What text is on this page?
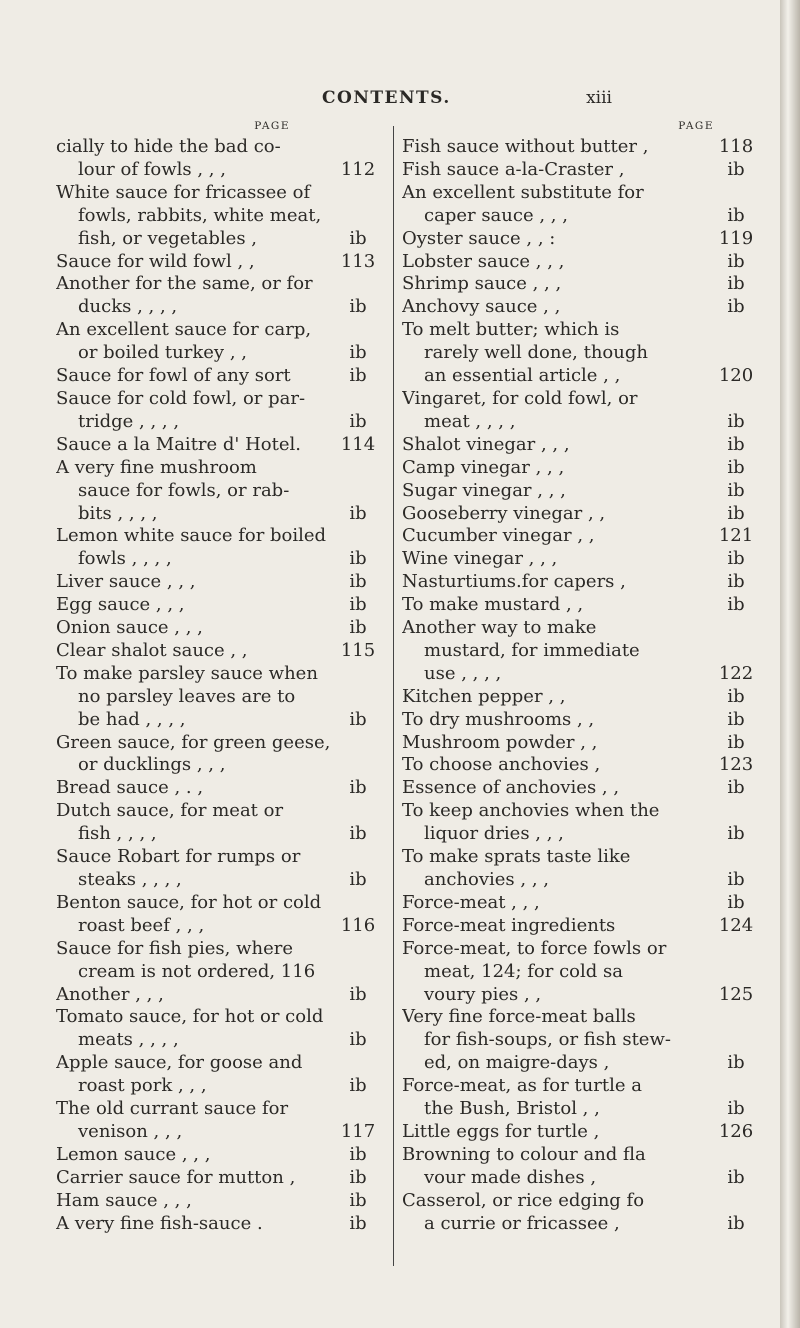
CONTENTS.	xiii
PAGE
cially to hide the bad co-
lour of fowls , , ,	112
White sauce for fricassee of
fowls, rabbits, white meat,
fish, or vegetables ,	ib
Sauce for wild fowl , ,	113
Another for the same, or for
ducks , , , ,	ib
An excellent sauce for carp,
or boiled turkey , ,	ib
Sauce for fowl of any sort	ib
Sauce for cold fowl, or par-
tridge , , , ,	ib
Sauce a la Maitre d' Hotel.	114
A very fine mushroom
sauce for fowls, or rab-
bits , , , ,	ib
Lemon white sauce for boiled
fowls , , , ,	ib
Liver sauce , , ,	ib
Egg sauce , , ,	ib
Onion sauce , , ,	ib
Clear shalot sauce , ,	115
To make parsley sauce when
no parsley leaves are to
be had , , , ,	ib
Green sauce, for green geese,
or ducklings , , ,
Bread sauce , . ,	ib
Dutch sauce, for meat or
fish , , , ,	ib
Sauce Robart for rumps or
steaks , , , ,	ib
Benton sauce, for hot or cold
roast beef , , ,	116
Sauce for fish pies, where
cream is not ordered, 116
Another , , ,	ib
Tomato sauce, for hot or cold
meats , , , ,	ib
Apple sauce, for goose and
roast pork , , ,	ib
The old currant sauce for
venison , , ,	117
Lemon sauce , , ,	ib
Carrier sauce for mutton ,	ib
Ham sauce , , ,	ib
A very fine fish-sauce .	ib
PAGE
Fish sauce without butter ,	118
Fish sauce a-la-Craster ,	ib
An excellent substitute for
caper sauce , , ,	ib
Oyster sauce , , :	119
Lobster sauce , , ,	ib
Shrimp sauce , , ,	ib
Anchovy sauce , ,	ib
To melt butter; which is
rarely well done, though
an essential article , ,	120
Vingaret, for cold fowl, or
meat , , , ,	ib
Shalot vinegar , , ,	ib
Camp vinegar , , ,	ib
Sugar vinegar , , ,	ib
Gooseberry vinegar , ,	ib
Cucumber vinegar , ,	121
Wine vinegar , , ,	ib
Nasturtiums.for capers ,	ib
To make mustard , ,	ib
Another way to make
mustard, for immediate
use , , , ,	122
Kitchen pepper , ,	ib
To dry mushrooms , ,	ib
Mushroom powder , ,	ib
To choose anchovies ,	123
Essence of anchovies , ,	ib
To keep anchovies when the
liquor dries , , ,	ib
To make sprats taste like
anchovies , , ,	ib
Force-meat , , ,	ib
Force-meat ingredients	124
Force-meat, to force fowls or
meat, 124; for cold sa
voury pies , ,	125
Very fine force-meat balls
for fish-soups, or fish stew-
ed, on maigre-days ,	ib
Force-meat, as for turtle a
the Bush, Bristol , ,	ib
Little eggs for turtle ,	126
Browning to colour and fla
vour made dishes ,	ib
Casserol, or rice edging fo
a currie or fricassee ,	ib
